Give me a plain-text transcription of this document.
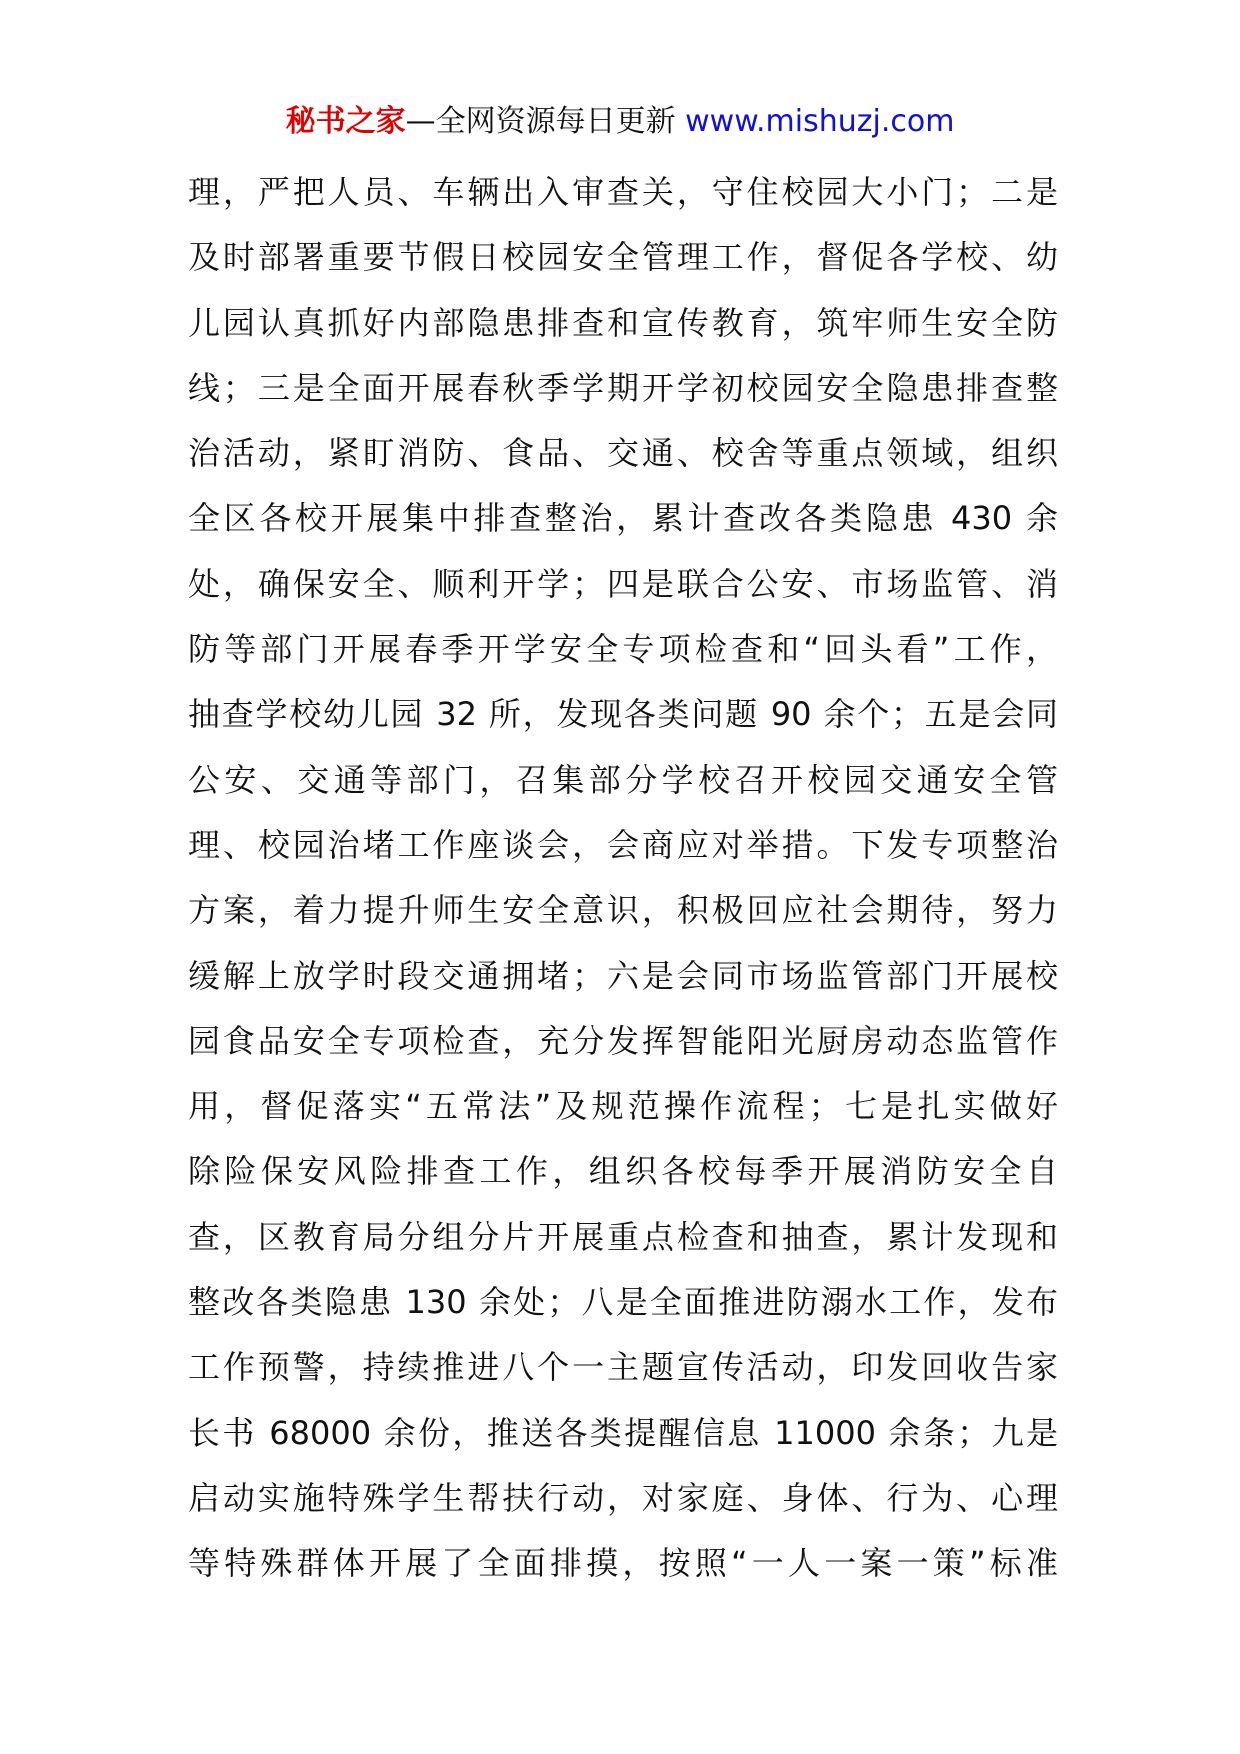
秘书之家—全网资源每日更新 www.mishuzj.com
理，严把人员、车辆出入审查关，守住校园大小门；二是
及时部署重要节假日校园安全管理工作，督促各学校、幼
儿园认真抓好内部隐患排查和宣传教育，筑牢师生安全防
线；三是全面开展春秋季学期开学初校园安全隐患排查整
治活动，紧盯消防、食品、交通、校舍等重点领域，组织
全区各校开展集中排查整治，累计查改各类隐患 430 余
处，确保安全、顺利开学；四是联合公安、市场监管、消
防等部门开展春季开学安全专项检查和“回头看”工作，
抽查学校幼儿园 32 所，发现各类问题 90 余个；五是会同
公安、交通等部门，召集部分学校召开校园交通安全管
理、校园治堵工作座谈会，会商应对举措。下发专项整治
方案，着力提升师生安全意识，积极回应社会期待，努力
缓解上放学时段交通拥堵；六是会同市场监管部门开展校
园食品安全专项检查，充分发挥智能阳光厨房动态监管作
用，督促落实“五常法”及规范操作流程；七是扎实做好
除险保安风险排查工作，组织各校每季开展消防安全自
查，区教育局分组分片开展重点检查和抽查，累计发现和
整改各类隐患 130 余处；八是全面推进防溺水工作，发布
工作预警，持续推进八个一主题宣传活动，印发回收告家
长书 68000 余份，推送各类提醒信息 11000 余条；九是
启动实施特殊学生帮扶行动，对家庭、身体、行为、心理
等特殊群体开展了全面排摸，按照“一人一案一策”标准
